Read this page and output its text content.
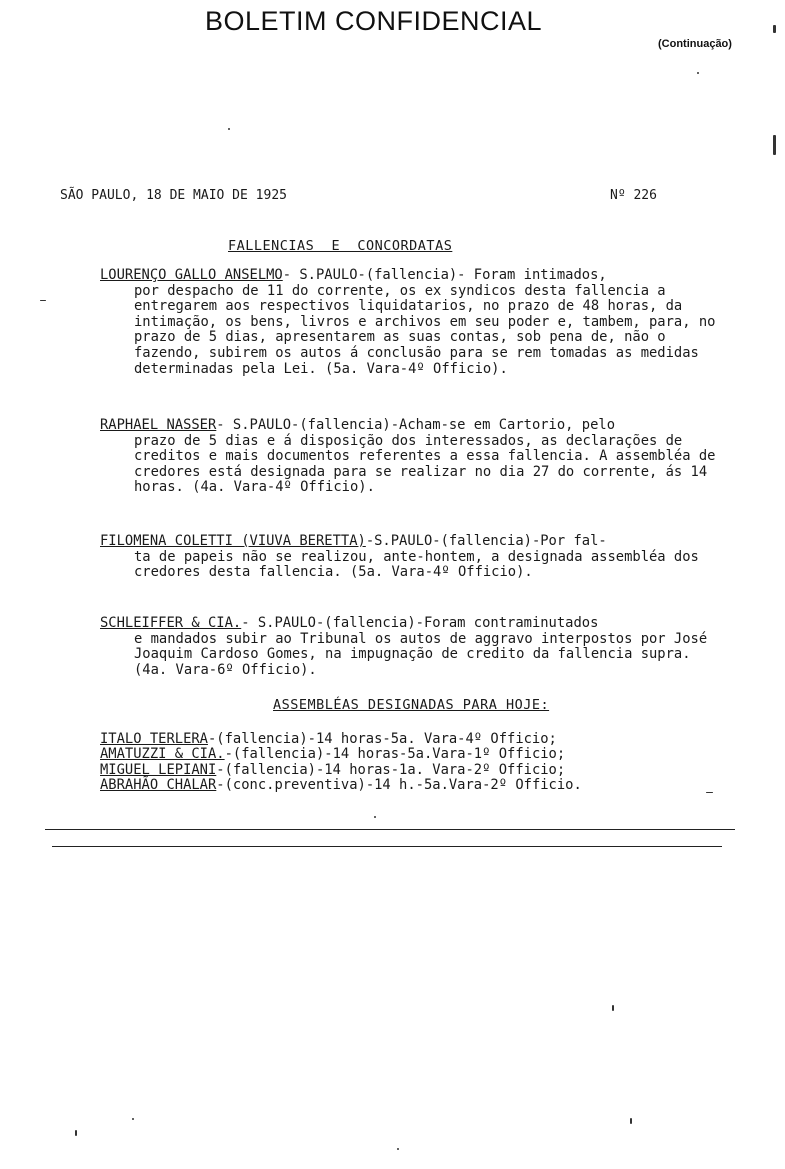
BOLETIM CONFIDENCIAL
(Continuação)
SÃO PAULO, 18 DE MAIO DE 1925	Nº 226
FALLENCIAS  E  CONCORDATAS

LOURENÇO GALLO ANSELMO- S.PAULO-(fallencia)- Foram intimados,

por despacho de 11 do corrente, os ex syndicos desta fallencia a entregarem aos respectivos liquidatarios, no prazo de 48 horas, da intimação, os bens, livros e archivos em seu poder e, tambem, para, no prazo de 5 dias, apresentarem as suas contas, sob pena de, não o fazendo, subirem os autos á conclusão para se rem tomadas as medidas determinadas pela Lei. (5a. Vara-4º Officio).

RAPHAEL NASSER- S.PAULO-(fallencia)-Acham-se em Cartorio, pelo

prazo de 5 dias e á disposição dos interessados, as declarações de creditos e mais documentos referentes a essa fallencia. A assembléa de credores está designada para se realizar no dia 27 do corrente, ás 14 horas. (4a. Vara-4º Officio).

FILOMENA COLETTI (VIUVA BERETTA)-S.PAULO-(fallencia)-Por fal-

ta de papeis não se realizou, ante-hontem, a designada assembléa dos credores desta fallencia. (5a. Vara-4º Officio).

SCHLEIFFER & CIA.- S.PAULO-(fallencia)-Foram contraminutados

e mandados subir ao Tribunal os autos de aggravo interpostos por José Joaquim Cardoso Gomes, na impugnação de credito da fallencia supra. (4a. Vara-6º Officio).

ASSEMBLÉAS DESIGNADAS PARA HOJE:
ITALO TERLERA-(fallencia)-14 horas-5a. Vara-4º Officio;
AMATUZZI & CIA.-(fallencia)-14 horas-5a.Vara-1º Officio;
MIGUEL LEPIANI-(fallencia)-14 horas-1a. Vara-2º Officio;
ABRAHÃO CHALAR-(conc.preventiva)-14 h.-5a.Vara-2º Officio.
